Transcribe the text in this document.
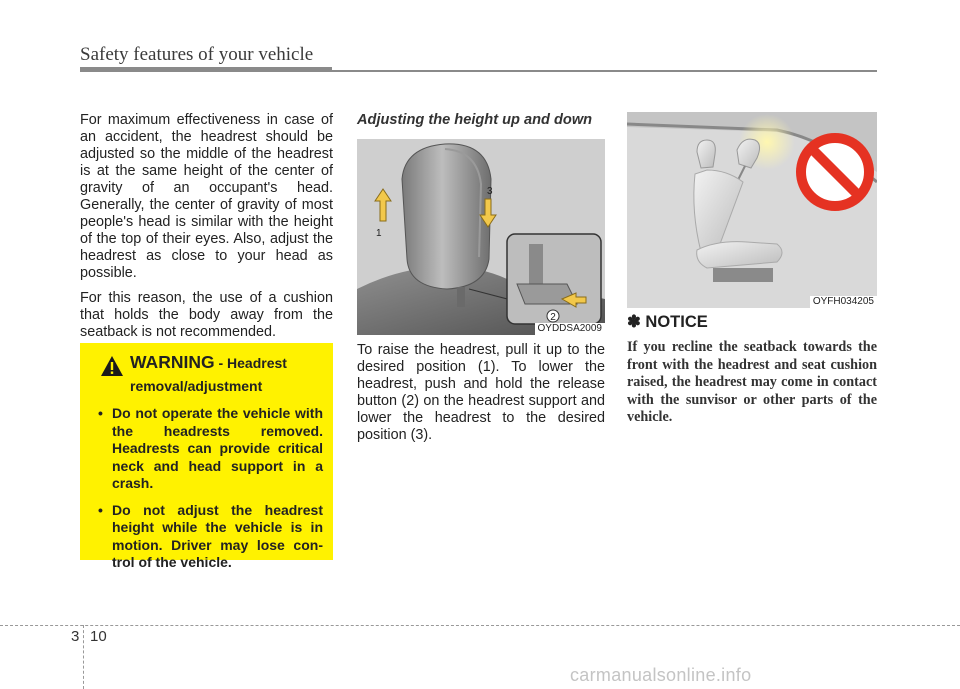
Safety features of your vehicle

For maximum effectiveness in case of an accident, the headrest should be adjusted so the middle of the headrest is at the same height of the center of gravity of an occupant's head. Generally, the center of gravity of most people's head is similar with the height of the top of their eyes. Also, adjust the headrest as close to your head as possible.

For this reason, the use of a cushion that holds the body away from the seatback is not recommended.

WARNING - Headrest
removal/adjustment
• Do not operate the vehicle with the headrests removed. Headrests can provide critical neck and head support in a crash.
• Do not adjust the headrest height while the vehicle is in motion. Driver may lose con-trol of the vehicle.

Adjusting the height up and down

2
1
3
OYDDSA2009

To raise the headrest, pull it up to the desired position (1). To lower the headrest, push and hold the release button (2) on the headrest support and lower the headrest to the desired position (3).

OYFH034205

✽ NOTICE

If you recline the seatback towards the front with the headrest and seat cushion raised, the headrest may come in contact with the sunvisor or other parts of the vehicle.

3 10
carmanualsonline.info
